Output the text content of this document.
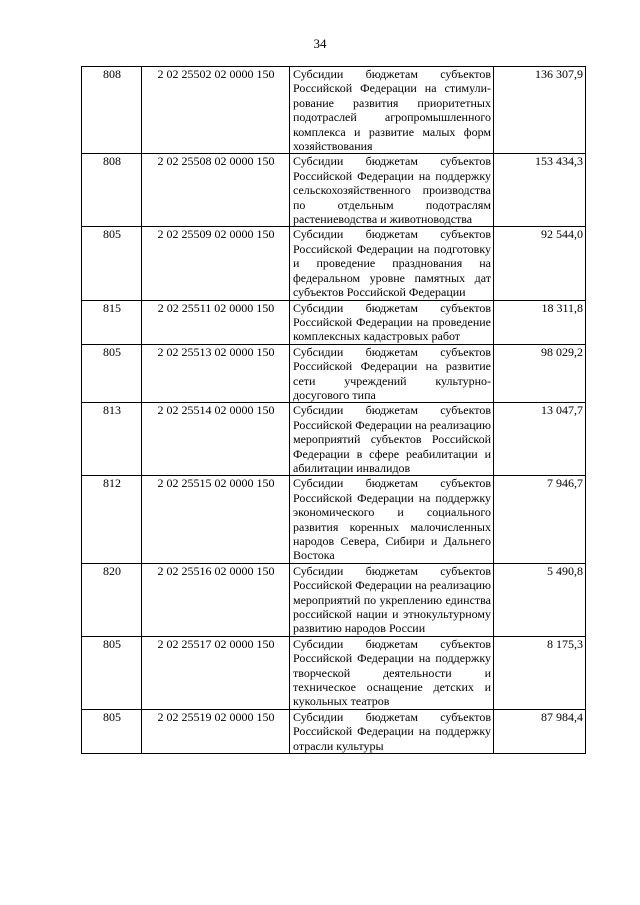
34
808	2 02 25502 02 0000 150	Субсидии бюджетам субъектов Российской Федерации на стимулирование развития приоритетных подотраслей агропромышленного комплекса и развитие малых форм хозяйствования	136 307,9
808	2 02 25508 02 0000 150	Субсидии бюджетам субъектов Российской Федерации на поддержку сельскохозяйственного производства по отдельным подотраслям растениеводства и животноводства	153 434,3
805	2 02 25509 02 0000 150	Субсидии бюджетам субъектов Российской Федерации на подготовку и проведение празднования на федеральном уровне памятных дат субъектов Российской Федерации	92 544,0
815	2 02 25511 02 0000 150	Субсидии бюджетам субъектов Российской Федерации на проведение комплексных кадастровых работ	18 311,8
805	2 02 25513 02 0000 150	Субсидии бюджетам субъектов Российской Федерации на развитие сети учреждений культурно-досугового типа	98 029,2
813	2 02 25514 02 0000 150	Субсидии бюджетам субъектов Российской Федерации на реализацию мероприятий субъектов Российской Федерации в сфере реабилитации и абилитации инвалидов	13 047,7
812	2 02 25515 02 0000 150	Субсидии бюджетам субъектов Российской Федерации на поддержку экономического и социального развития коренных малочисленных народов Севера, Сибири и Дальнего Востока	7 946,7
820	2 02 25516 02 0000 150	Субсидии бюджетам субъектов Российской Федерации на реализацию мероприятий по укреплению единства российской нации и этнокультурному развитию народов России	5 490,8
805	2 02 25517 02 0000 150	Субсидии бюджетам субъектов Российской Федерации на поддержку творческой деятельности и техническое оснащение детских и кукольных театров	8 175,3
805	2 02 25519 02 0000 150	Субсидии бюджетам субъектов Российской Федерации на поддержку отрасли культуры	87 984,4
